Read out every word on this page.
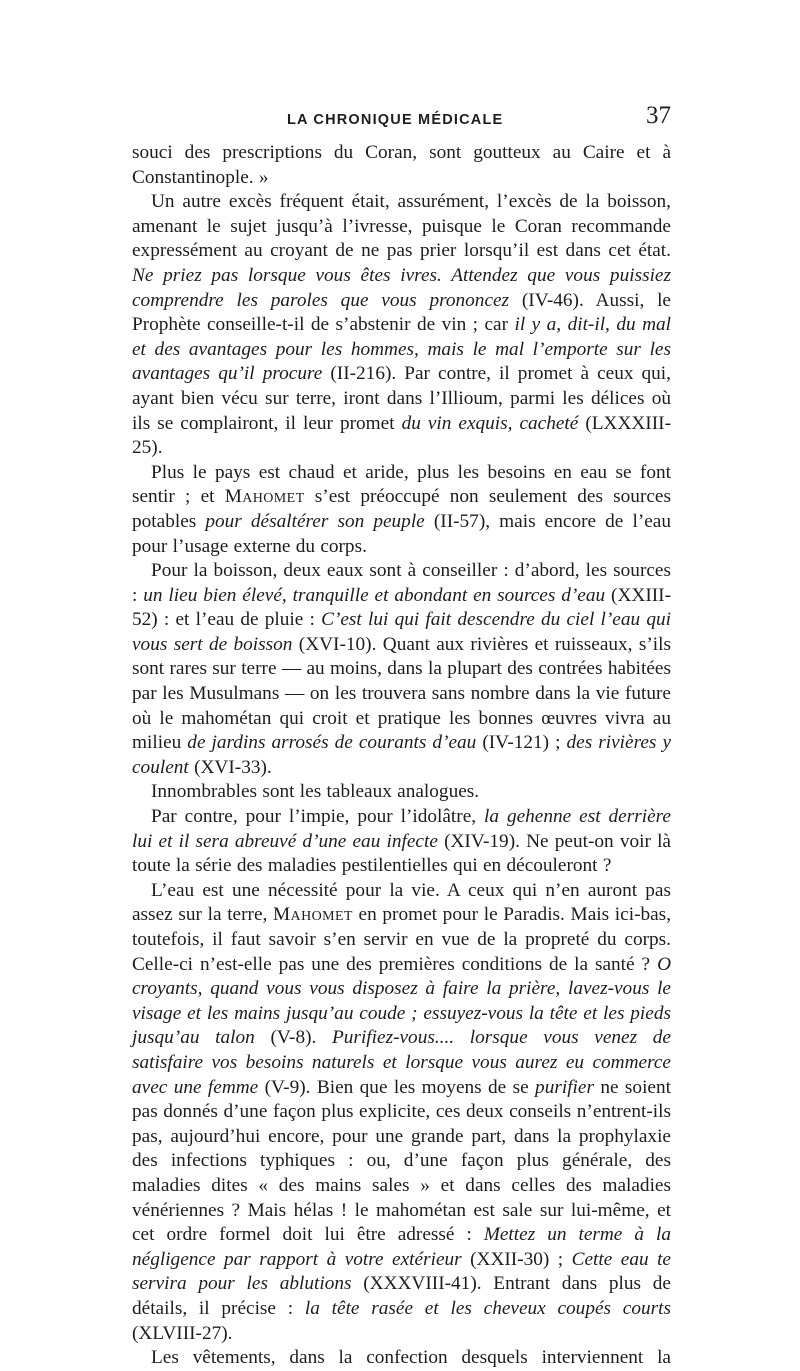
LA CHRONIQUE MÉDICALE	37

souci des prescriptions du Coran, sont goutteux au Caire et à Constantinople. »

Un autre excès fréquent était, assurément, l’excès de la boisson, amenant le sujet jusqu’à l’ivresse, puisque le Coran recommande expressément au croyant de ne pas prier lorsqu’il est dans cet état. Ne priez pas lorsque vous êtes ivres. Attendez que vous puissiez comprendre les paroles que vous prononcez (IV-46). Aussi, le Prophète conseille-t-il de s’abstenir de vin ; car il y a, dit-il, du mal et des avantages pour les hommes, mais le mal l’emporte sur les avantages qu’il procure (II-216). Par contre, il promet à ceux qui, ayant bien vécu sur terre, iront dans l’Illioum, parmi les délices où ils se complairont, il leur promet du vin exquis, cacheté (LXXXIII-25).

Plus le pays est chaud et aride, plus les besoins en eau se font sentir ; et Mahomet s’est préoccupé non seulement des sources potables pour désaltérer son peuple (II-57), mais encore de l’eau pour l’usage externe du corps.

Pour la boisson, deux eaux sont à conseiller : d’abord, les sources : un lieu bien élevé, tranquille et abondant en sources d’eau (XXIII-52) : et l’eau de pluie : C’est lui qui fait descendre du ciel l’eau qui vous sert de boisson (XVI-10). Quant aux rivières et ruisseaux, s’ils sont rares sur terre — au moins, dans la plupart des contrées habitées par les Musulmans — on les trouvera sans nombre dans la vie future où le mahométan qui croit et pratique les bonnes œuvres vivra au milieu de jardins arrosés de courants d’eau (IV-121) ; des rivières y coulent (XVI-33).

Innombrables sont les tableaux analogues.

Par contre, pour l’impie, pour l’idolâtre, la gehenne est derrière lui et il sera abreuvé d’une eau infecte (XIV-19). Ne peut-on voir là toute la série des maladies pestilentielles qui en découleront ?

L’eau est une nécessité pour la vie. A ceux qui n’en auront pas assez sur la terre, Mahomet en promet pour le Paradis. Mais ici-bas, toutefois, il faut savoir s’en servir en vue de la propreté du corps. Celle-ci n’est-elle pas une des premières conditions de la santé ? O croyants, quand vous vous disposez à faire la prière, lavez-vous le visage et les mains jusqu’au coude ; essuyez-vous la tête et les pieds jusqu’au talon (V-8). Purifiez-vous.... lorsque vous venez de satisfaire vos besoins naturels et lorsque vous aurez eu commerce avec une femme (V-9). Bien que les moyens de se purifier ne soient pas donnés d’une façon plus explicite, ces deux conseils n’entrent-ils pas, aujourd’hui encore, pour une grande part, dans la prophylaxie des infections typhiques : ou, d’une façon plus générale, des maladies dites « des mains sales » et dans celles des maladies vénériennes ? Mais hélas ! le mahométan est sale sur lui-même, et cet ordre formel doit lui être adressé : Mettez un terme à la négligence par rapport à votre extérieur (XXII-30) ; Cette eau te servira pour les ablutions (XXXVIII-41). Entrant dans plus de détails, il précise : la tête rasée et les cheveux coupés courts (XLVIII-27).

Les vêtements, dans la confection desquels interviennent la
